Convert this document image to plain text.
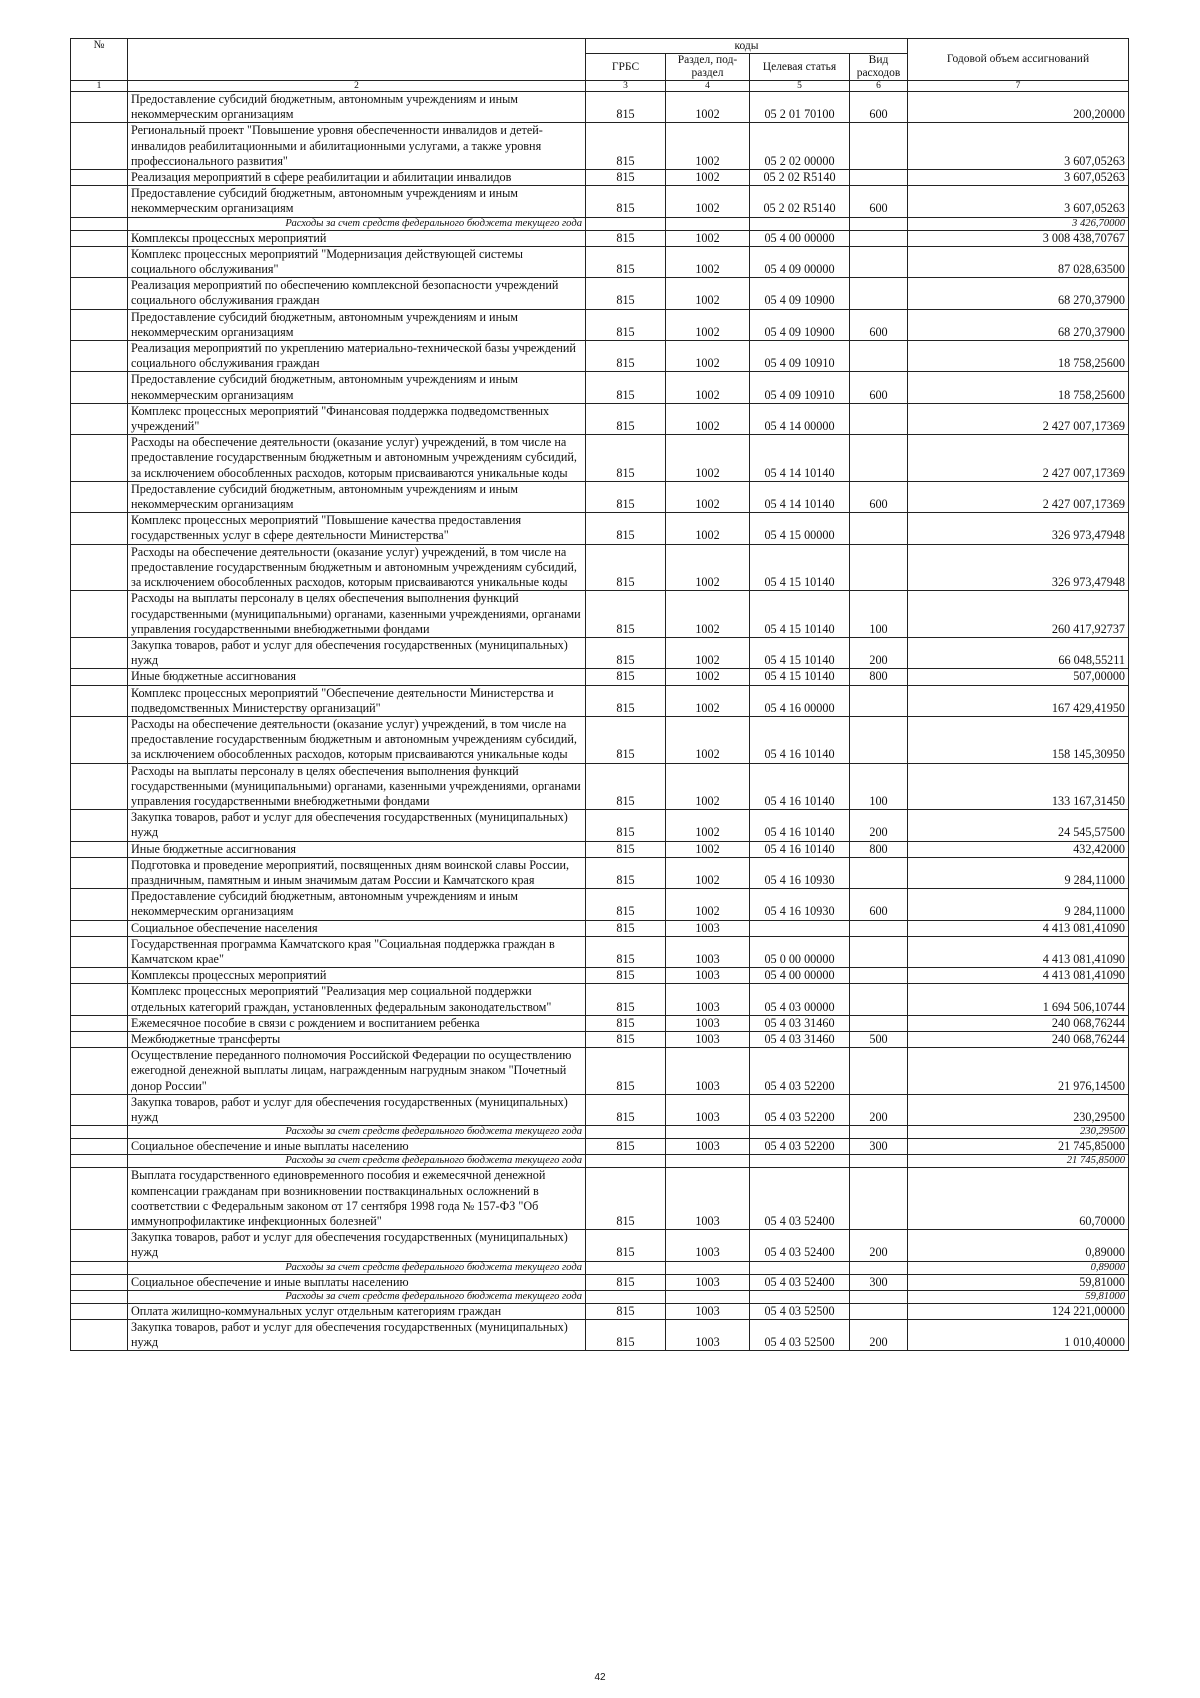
№		коды				Годовой объем ассигнований
		ГРБС	Раздел, под-раздел	Целевая статья	Вид расходов	
1	2	3	4	5	6	7
	Предоставление субсидий бюджетным, автономным учреждениям и иным некоммерческим организациям	815	1002	05 2 01 70100	600	200,20000
	Региональный проект "Повышение уровня обеспеченности инвалидов и детей-инвалидов реабилитационными и абилитационными услугами, а также уровня профессионального развития"	815	1002	05 2 02 00000		3 607,05263
	Реализация мероприятий в сфере реабилитации и абилитации инвалидов	815	1002	05 2 02 R5140		3 607,05263
	Предоставление субсидий бюджетным, автономным учреждениям и иным некоммерческим организациям	815	1002	05 2 02 R5140	600	3 607,05263
	Расходы за счет средств федерального бюджета текущего года					3 426,70000
	Комплексы процессных мероприятий	815	1002	05 4 00 00000		3 008 438,70767
	Комплекс процессных мероприятий "Модернизация действующей системы социального обслуживания"	815	1002	05 4 09 00000		87 028,63500
	Реализация мероприятий по обеспечению комплексной безопасности учреждений социального обслуживания граждан	815	1002	05 4 09 10900		68 270,37900
	Предоставление субсидий бюджетным, автономным учреждениям и иным некоммерческим организациям	815	1002	05 4 09 10900	600	68 270,37900
	Реализация мероприятий по укреплению материально-технической базы учреждений социального обслуживания граждан	815	1002	05 4 09 10910		18 758,25600
	Предоставление субсидий бюджетным, автономным учреждениям и иным некоммерческим организациям	815	1002	05 4 09 10910	600	18 758,25600
	Комплекс процессных мероприятий "Финансовая поддержка подведомственных учреждений"	815	1002	05 4 14 00000		2 427 007,17369
	Расходы на обеспечение деятельности (оказание услуг) учреждений, в том числе на предоставление государственным бюджетным и автономным учреждениям субсидий, за исключением обособленных расходов, которым присваиваются уникальные коды	815	1002	05 4 14 10140		2 427 007,17369
	Предоставление субсидий бюджетным, автономным учреждениям и иным некоммерческим организациям	815	1002	05 4 14 10140	600	2 427 007,17369
	Комплекс процессных мероприятий "Повышение качества предоставления государственных услуг в сфере деятельности Министерства"	815	1002	05 4 15 00000		326 973,47948
	Расходы на обеспечение деятельности (оказание услуг) учреждений, в том числе на предоставление государственным бюджетным и автономным учреждениям субсидий, за исключением обособленных расходов, которым присваиваются уникальные коды	815	1002	05 4 15 10140		326 973,47948
	Расходы на выплаты персоналу в целях обеспечения выполнения функций государственными (муниципальными) органами, казенными учреждениями, органами управления государственными внебюджетными фондами	815	1002	05 4 15 10140	100	260 417,92737
	Закупка товаров, работ и услуг для обеспечения государственных (муниципальных) нужд	815	1002	05 4 15 10140	200	66 048,55211
	Иные бюджетные ассигнования	815	1002	05 4 15 10140	800	507,00000
	Комплекс процессных мероприятий "Обеспечение деятельности Министерства и подведомственных Министерству организаций"	815	1002	05 4 16 00000		167 429,41950
	Расходы на обеспечение деятельности (оказание услуг) учреждений, в том числе на предоставление государственным бюджетным и автономным учреждениям субсидий, за исключением обособленных расходов, которым присваиваются уникальные коды	815	1002	05 4 16 10140		158 145,30950
	Расходы на выплаты персоналу в целях обеспечения выполнения функций государственными (муниципальными) органами, казенными учреждениями, органами управления государственными внебюджетными фондами	815	1002	05 4 16 10140	100	133 167,31450
	Закупка товаров, работ и услуг для обеспечения государственных (муниципальных) нужд	815	1002	05 4 16 10140	200	24 545,57500
	Иные бюджетные ассигнования	815	1002	05 4 16 10140	800	432,42000
	Подготовка и проведение мероприятий, посвященных дням воинской славы России, праздничным, памятным и иным значимым датам России и Камчатского края	815	1002	05 4 16 10930		9 284,11000
	Предоставление субсидий бюджетным, автономным учреждениям и иным некоммерческим организациям	815	1002	05 4 16 10930	600	9 284,11000
	Социальное обеспечение населения	815	1003			4 413 081,41090
	Государственная программа Камчатского края "Социальная поддержка граждан в Камчатском крае"	815	1003	05 0 00 00000		4 413 081,41090
	Комплексы процессных мероприятий	815	1003	05 4 00 00000		4 413 081,41090
	Комплекс процессных мероприятий "Реализация мер социальной поддержки отдельных категорий граждан, установленных федеральным законодательством"	815	1003	05 4 03 00000		1 694 506,10744
	Ежемесячное пособие в связи с рождением и воспитанием ребенка	815	1003	05 4 03 31460		240 068,76244
	Межбюджетные трансферты	815	1003	05 4 03 31460	500	240 068,76244
	Осуществление переданного полномочия Российской Федерации по осуществлению ежегодной денежной выплаты лицам, награжденным нагрудным знаком "Почетный донор России"	815	1003	05 4 03 52200		21 976,14500
	Закупка товаров, работ и услуг для обеспечения государственных (муниципальных) нужд	815	1003	05 4 03 52200	200	230,29500
	Расходы за счет средств федерального бюджета текущего года					230,29500
	Социальное обеспечение и иные выплаты населению	815	1003	05 4 03 52200	300	21 745,85000
	Расходы за счет средств федерального бюджета текущего года					21 745,85000
	Выплата государственного единовременного пособия и ежемесячной денежной компенсации гражданам при возникновении поствакцинальных осложнений в соответствии с Федеральным законом от 17 сентября 1998 года № 157-ФЗ "Об иммунопрофилактике инфекционных болезней"	815	1003	05 4 03 52400		60,70000
	Закупка товаров, работ и услуг для обеспечения государственных (муниципальных) нужд	815	1003	05 4 03 52400	200	0,89000
	Расходы за счет средств федерального бюджета текущего года					0,89000
	Социальное обеспечение и иные выплаты населению	815	1003	05 4 03 52400	300	59,81000
	Расходы за счет средств федерального бюджета текущего года					59,81000
	Оплата жилищно-коммунальных услуг отдельным категориям граждан	815	1003	05 4 03 52500		124 221,00000
	Закупка товаров, работ и услуг для обеспечения государственных (муниципальных) нужд	815	1003	05 4 03 52500	200	1 010,40000
42
